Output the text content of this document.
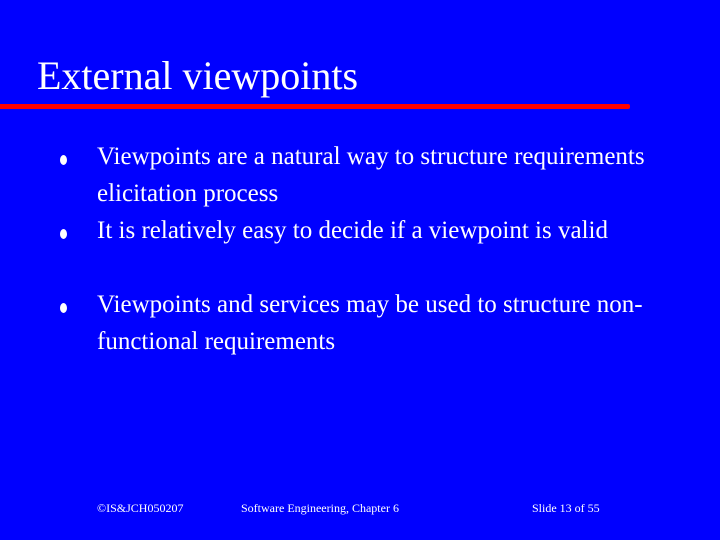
External viewpoints
Viewpoints are a natural way to structure requirements elicitation process
It is relatively easy to decide if a viewpoint is valid
Viewpoints and services may be used to structure non-functional requirements
©IS&JCH050207	Software Engineering, Chapter 6	Slide 13 of 55
